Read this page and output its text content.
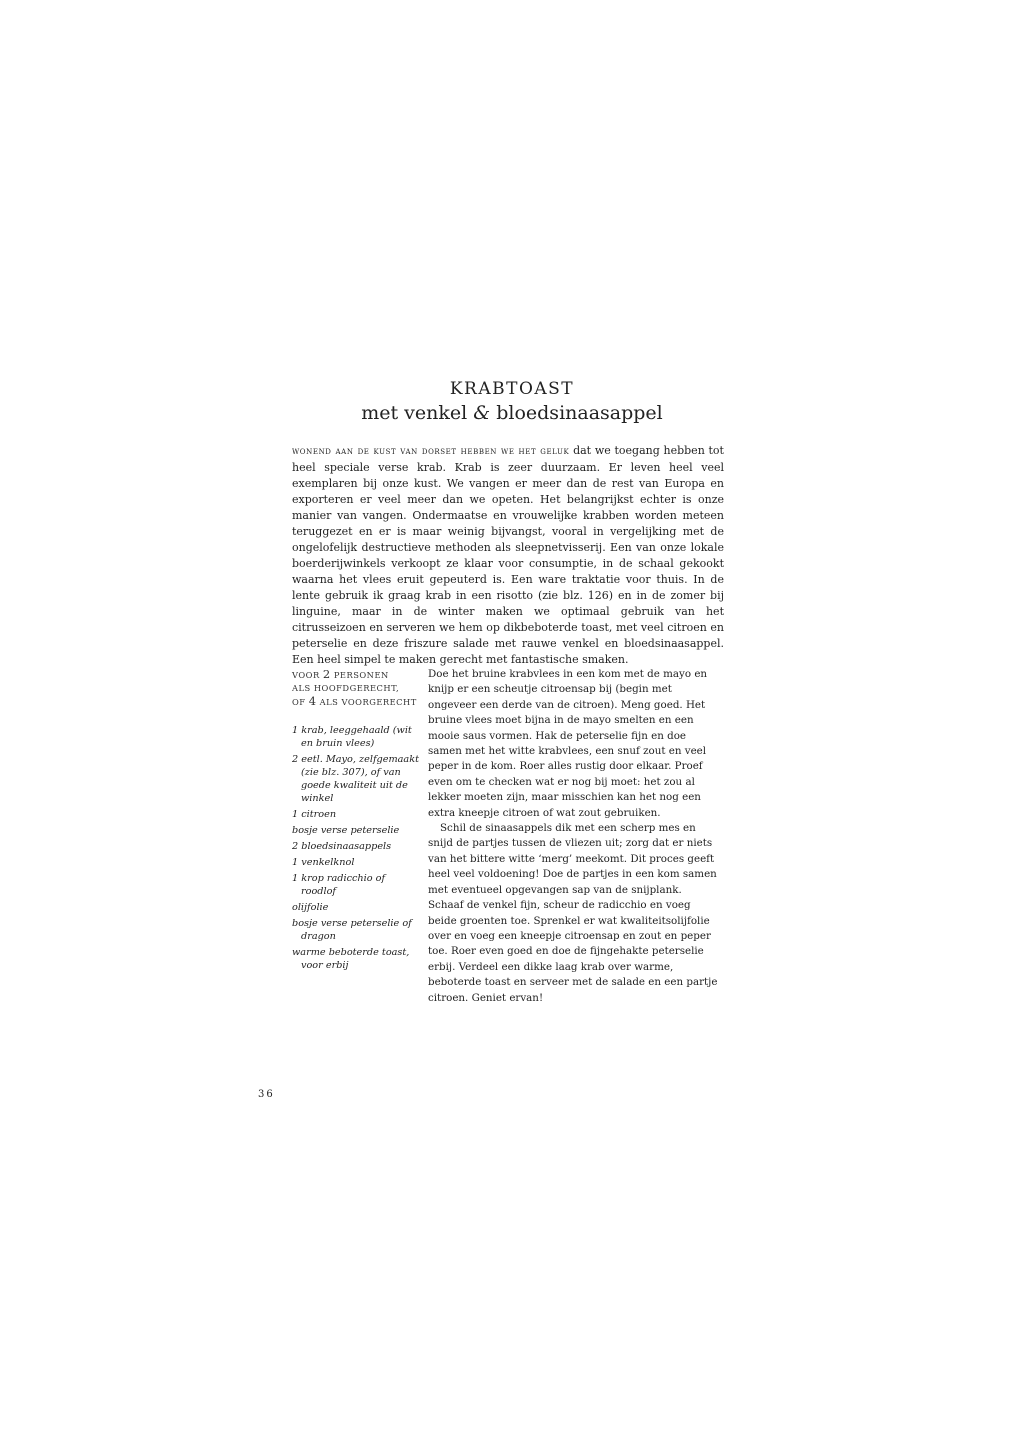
KRABTOAST
met venkel & bloedsinaasappel

wonend aan de kust van dorset hebben we het geluk dat we toegang hebben tot heel speciale verse krab. Krab is zeer duurzaam. Er leven heel veel exemplaren bij onze kust. We vangen er meer dan de rest van Europa en exporteren er veel meer dan we opeten. Het belangrijkst echter is onze manier van vangen. Ondermaatse en vrouwelijke krabben worden meteen teruggezet en er is maar weinig bijvangst, vooral in vergelijking met de ongelofelijk destructieve methoden als sleepnetvisserij. Een van onze lokale boerderijwinkels verkoopt ze klaar voor consumptie, in de schaal gekookt waarna het vlees eruit gepeuterd is. Een ware traktatie voor thuis. In de lente gebruik ik graag krab in een risotto (zie blz. 126) en in de zomer bij linguine, maar in de winter maken we optimaal gebruik van het citrusseizoen en serveren we hem op dikbeboterde toast, met veel citroen en peterselie en deze friszure salade met rauwe venkel en bloedsinaasappel. Een heel simpel te maken gerecht met fantastische smaken.

VOOR 2 PERSONEN
ALS HOOFDGERECHT,
OF 4 ALS VOORGERECHT
1 krab, leeggehaald (wit en bruin vlees)
2 eetl. Mayo, zelfgemaakt (zie blz. 307), of van goede kwaliteit uit de winkel
1 citroen
bosje verse peterselie
2 bloedsinaasappels
1 venkelknol
1 krop radicchio of roodlof
olijfolie
bosje verse peterselie of dragon
warme beboterde toast, voor erbij

Doe het bruine krabvlees in een kom met de mayo en knijp er een scheutje citroensap bij (begin met ongeveer een derde van de citroen). Meng goed. Het bruine vlees moet bijna in de mayo smelten en een mooie saus vormen. Hak de peterselie fijn en doe samen met het witte krabvlees, een snuf zout en veel peper in de kom. Roer alles rustig door elkaar. Proef even om te checken wat er nog bij moet: het zou al lekker moeten zijn, maar misschien kan het nog een extra kneepje citroen of wat zout gebruiken.

Schil de sinaasappels dik met een scherp mes en snijd de partjes tussen de vliezen uit; zorg dat er niets van het bittere witte ‘merg’ meekomt. Dit proces geeft heel veel voldoening! Doe de partjes in een kom samen met eventueel opgevangen sap van de snijplank. Schaaf de venkel fijn, scheur de radicchio en voeg beide groenten toe. Sprenkel er wat kwaliteitsolijfolie over en voeg een kneepje citroensap en zout en peper toe. Roer even goed en doe de fijngehakte peterselie erbij. Verdeel een dikke laag krab over warme, beboterde toast en serveer met de salade en een partje citroen. Geniet ervan!

36
